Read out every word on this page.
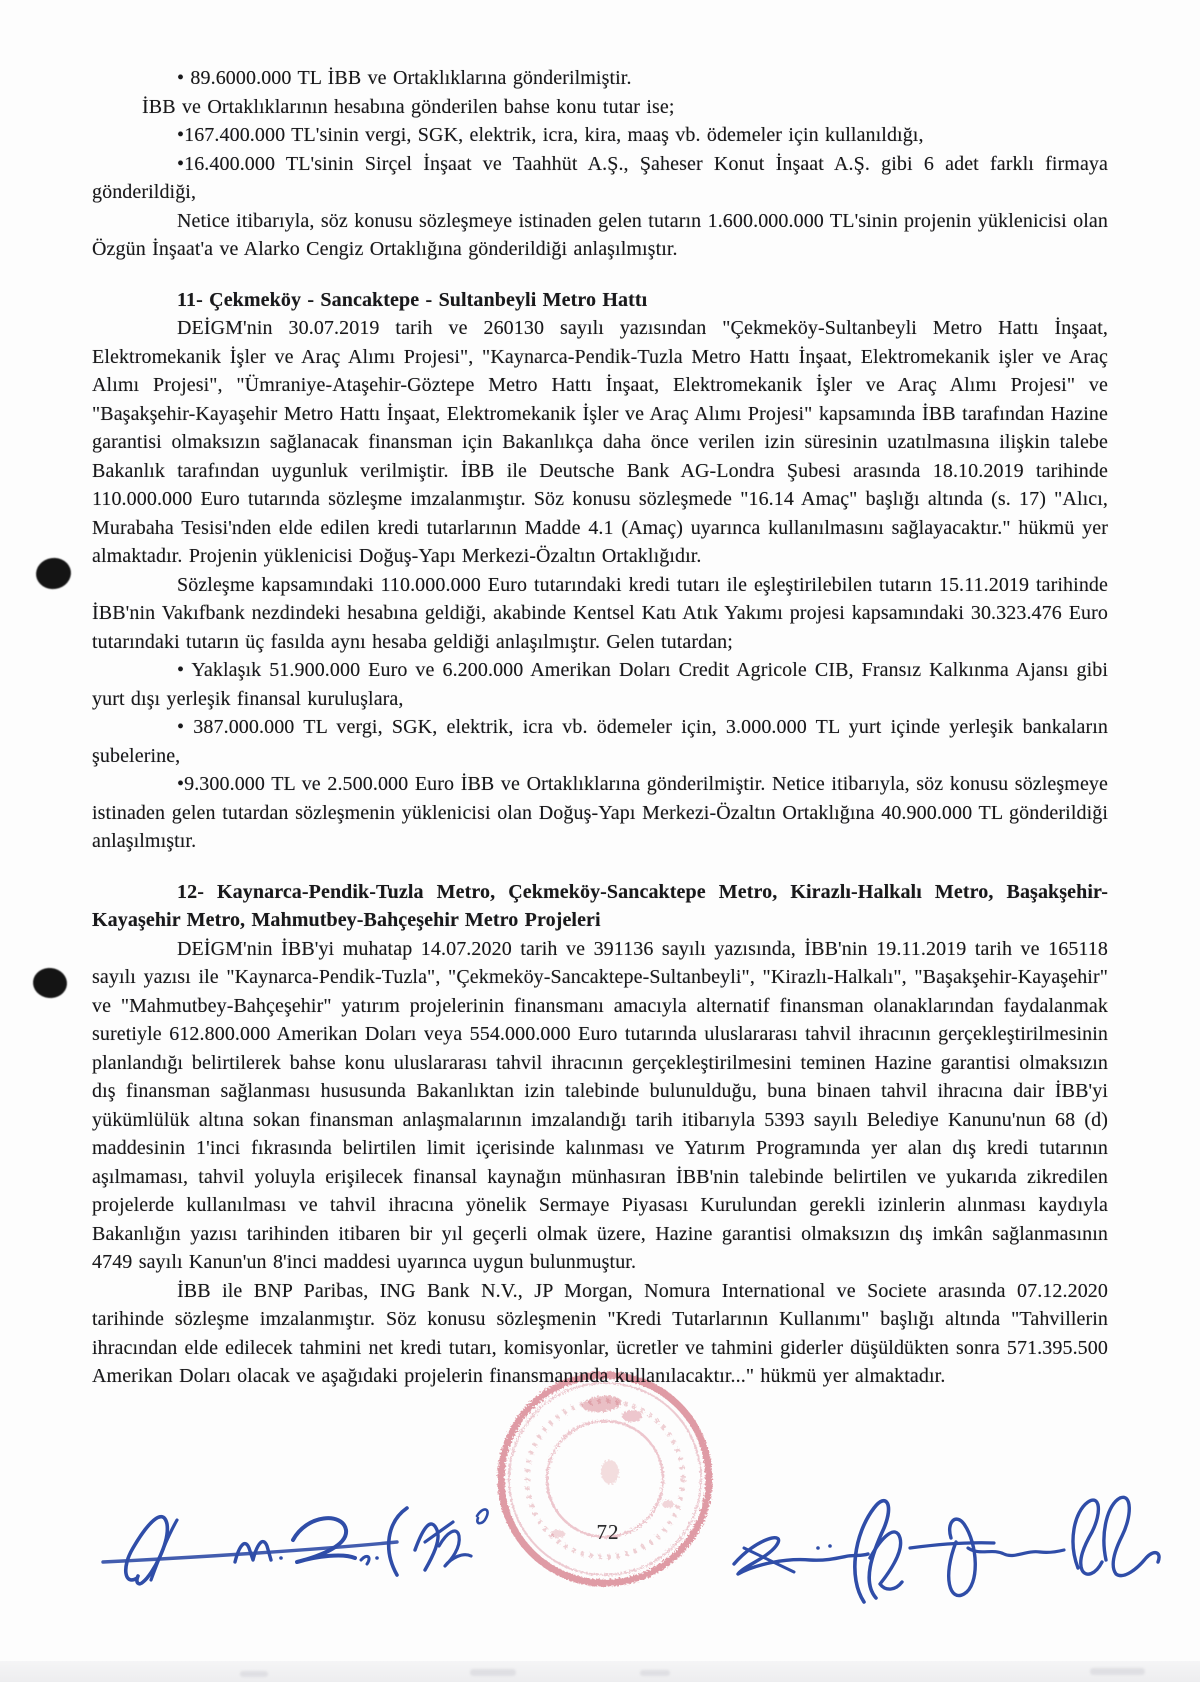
• 89.6000.000 TL İBB ve Ortaklıklarına gönderilmiştir.

İBB ve Ortaklıklarının hesabına gönderilen bahse konu tutar ise;

•167.400.000 TL'sinin vergi, SGK, elektrik, icra, kira, maaş vb. ödemeler için kullanıldığı,

•16.400.000 TL'sinin Sirçel İnşaat ve Taahhüt A.Ş., Şaheser Konut İnşaat A.Ş. gibi 6 adet farklı firmaya gönderildiği,

Netice itibarıyla, söz konusu sözleşmeye istinaden gelen tutarın 1.600.000.000 TL'sinin projenin yüklenicisi olan Özgün İnşaat'a ve Alarko Cengiz Ortaklığına gönderildiği anlaşılmıştır.

11- Çekmeköy - Sancaktepe - Sultanbeyli Metro Hattı

DEİGM'nin 30.07.2019 tarih ve 260130 sayılı yazısından "Çekmeköy-Sultanbeyli Metro Hattı İnşaat, Elektromekanik İşler ve Araç Alımı Projesi", "Kaynarca-Pendik-Tuzla Metro Hattı İnşaat, Elektromekanik işler ve Araç Alımı Projesi", "Ümraniye-Ataşehir-Göztepe Metro Hattı İnşaat, Elektromekanik İşler ve Araç Alımı Projesi" ve "Başakşehir-Kayaşehir Metro Hattı İnşaat, Elektromekanik İşler ve Araç Alımı Projesi" kapsamında İBB tarafından Hazine garantisi olmaksızın sağlanacak finansman için Bakanlıkça daha önce verilen izin süresinin uzatılmasına ilişkin talebe Bakanlık tarafından uygunluk verilmiştir. İBB ile Deutsche Bank AG-Londra Şubesi arasında 18.10.2019 tarihinde 110.000.000 Euro tutarında sözleşme imzalanmıştır. Söz konusu sözleşmede "16.14 Amaç" başlığı altında (s. 17) "Alıcı, Murabaha Tesisi'nden elde edilen kredi tutarlarının Madde 4.1 (Amaç) uyarınca kullanılmasını sağlayacaktır." hükmü yer almaktadır. Projenin yüklenicisi Doğuş-Yapı Merkezi-Özaltın Ortaklığıdır.

Sözleşme kapsamındaki 110.000.000 Euro tutarındaki kredi tutarı ile eşleştirilebilen tutarın 15.11.2019 tarihinde İBB'nin Vakıfbank nezdindeki hesabına geldiği, akabinde Kentsel Katı Atık Yakımı projesi kapsamındaki 30.323.476 Euro tutarındaki tutarın üç fasılda aynı hesaba geldiği anlaşılmıştır. Gelen tutardan;

• Yaklaşık 51.900.000 Euro ve 6.200.000 Amerikan Doları Credit Agricole CIB, Fransız Kalkınma Ajansı gibi yurt dışı yerleşik finansal kuruluşlara,

• 387.000.000 TL vergi, SGK, elektrik, icra vb. ödemeler için, 3.000.000 TL yurt içinde yerleşik bankaların şubelerine,

•9.300.000 TL ve 2.500.000 Euro İBB ve Ortaklıklarına gönderilmiştir. Netice itibarıyla, söz konusu sözleşmeye istinaden gelen tutardan sözleşmenin yüklenicisi olan Doğuş-Yapı Merkezi-Özaltın Ortaklığına 40.900.000 TL gönderildiği anlaşılmıştır.

12- Kaynarca-Pendik-Tuzla Metro, Çekmeköy-Sancaktepe Metro, Kirazlı-Halkalı Metro, Başakşehir-Kayaşehir Metro, Mahmutbey-Bahçeşehir Metro Projeleri

DEİGM'nin İBB'yi muhatap 14.07.2020 tarih ve 391136 sayılı yazısında, İBB'nin 19.11.2019 tarih ve 165118 sayılı yazısı ile "Kaynarca-Pendik-Tuzla", "Çekmeköy-Sancaktepe-Sultanbeyli", "Kirazlı-Halkalı", "Başakşehir-Kayaşehir" ve "Mahmutbey-Bahçeşehir" yatırım projelerinin finansmanı amacıyla alternatif finansman olanaklarından faydalanmak suretiyle 612.800.000 Amerikan Doları veya 554.000.000 Euro tutarında uluslararası tahvil ihracının gerçekleştirilmesinin planlandığı belirtilerek bahse konu uluslararası tahvil ihracının gerçekleştirilmesini teminen Hazine garantisi olmaksızın dış finansman sağlanması hususunda Bakanlıktan izin talebinde bulunulduğu, buna binaen tahvil ihracına dair İBB'yi yükümlülük altına sokan finansman anlaşmalarının imzalandığı tarih itibarıyla 5393 sayılı Belediye Kanunu'nun 68 (d) maddesinin 1'inci fıkrasında belirtilen limit içerisinde kalınması ve Yatırım Programında yer alan dış kredi tutarının aşılmaması, tahvil yoluyla erişilecek finansal kaynağın münhasıran İBB'nin talebinde belirtilen ve yukarıda zikredilen projelerde kullanılması ve tahvil ihracına yönelik Sermaye Piyasası Kurulundan gerekli izinlerin alınması kaydıyla Bakanlığın yazısı tarihinden itibaren bir yıl geçerli olmak üzere, Hazine garantisi olmaksızın dış imkân sağlanmasının 4749 sayılı Kanun'un 8'inci maddesi uyarınca uygun bulunmuştur.

İBB ile BNP Paribas, ING Bank N.V., JP Morgan, Nomura International ve Societe arasında 07.12.2020 tarihinde sözleşme imzalanmıştır. Söz konusu sözleşmenin "Kredi Tutarlarının Kullanımı" başlığı altında "Tahvillerin ihracından elde edilecek tahmini net kredi tutarı, komisyonlar, ücretler ve tahmini giderler düşüldükten sonra 571.395.500 Amerikan Doları olacak ve aşağıdaki projelerin finansmanında kullanılacaktır..." hükmü yer almaktadır.

72
